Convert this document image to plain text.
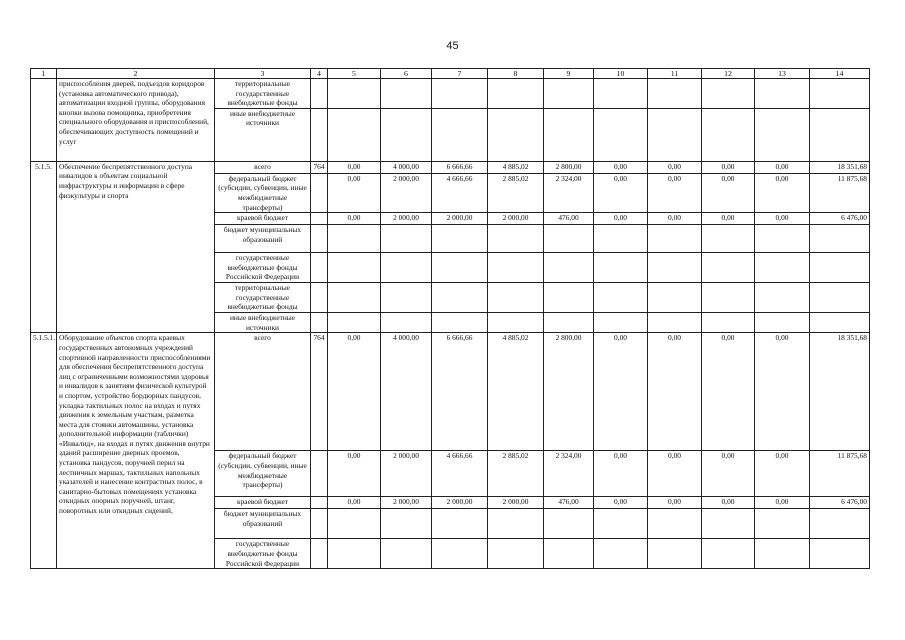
45
1	2	3	4	5	6	7	8	9	10	11	12	13	14
	приспособления дверей, подъездов коридоров (установка автоматического привода), автоматизации входной группы, оборудования кнопки вызова помощника, приобретения специального оборудования и приспособлений, обеспечивающих доступность помещений и услуг	территориальные государственные внебюджетные фонды											
		иные внебюджетные источники											
5.1.5.	Обеспечение беспрепятственного доступа инвалидов к объектам социальной инфраструктуры и информации в сфере физкультуры и спорта	всего	764	0,00	4 000,00	6 666,66	4 885,02	2 800,00	0,00	0,00	0,00	0,00	18 351,68
		федеральный бюджет (субсидии, субвенции, иные межбюджетные трансферты)		0,00	2 000,00	4 666,66	2 885,02	2 324,00	0,00	0,00	0,00	0,00	11 875,68
		краевой бюджет		0,00	2 000,00	2 000,00	2 000,00	476,00	0,00	0,00	0,00	0,00	6 476,00
		бюджет муниципальных образований											
		государственные внебюджетные фонды Российской Федерации											
		территориальные государственные внебюджетные фонды											
		иные внебюджетные источники											
5.1.5.1.	Оборудование объектов спорта краевых государственных автономных учреждений спортивной направленности приспособлениями для обеспечения беспрепятственного доступа лиц с ограниченными возможностями здоровья и инвалидов к занятиям физической культурой и спортом, устройство бордюрных пандусов, укладка тактильных полос на входах и путях движения к земельным участкам, разметка места для стоянки автомашины, установка дополнительной информации (таблички) «Инвалид», на входах и путях движения внутри зданий расширение дверных проемов, установка пандусов, поручней перил на лестничных маршах, тактильных напольных указателей и нанесение контрастных полос, в санитарно-бытовых помещениях установка откидных опорных поручней, штанг, поворотных или откидных сидений,	всего	764	0,00	4 000,00	6 666,66	4 885,02	2 800,00	0,00	0,00	0,00	0,00	18 351,68
		федеральный бюджет (субсидии, субвенции, иные межбюджетные трансферты)		0,00	2 000,00	4 666,66	2 885,02	2 324,00	0,00	0,00	0,00	0,00	11 875,68
		краевой бюджет		0,00	2 000,00	2 000,00	2 000,00	476,00	0,00	0,00	0,00	0,00	6 476,00
		бюджет муниципальных образований											
		государственные внебюджетные фонды Российской Федерации											
